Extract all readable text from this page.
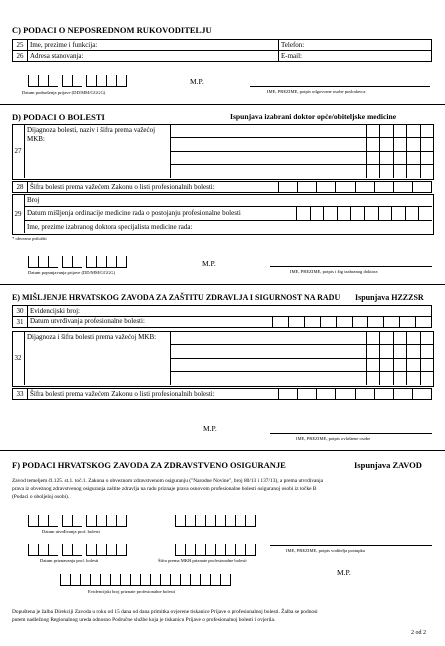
C) PODACI O NEPOSREDNOM RUKOVODITELJU
25	Ime, prezime i funkcija:	Telefon:
26	Adresa stanovanja:	E-mail:
Datum podnošenja prijave (DD/MM/GGGG)
M.P.
IME, PREZIME, potpis odgovorne osobe poslodavca
D) PODACI O BOLESTI	Ispunjava izabrani doktor opće/obiteljske medicine
27
Dijagnoza bolesti, naziv i šifra prema važećoj MKB:
28	Šifra bolesti prema važećem Zakonu o listi profesionalnih bolesti:	
29
Broj
Datum mišljenja ordinacije medicine rada o postojanju profesionalne bolesti
Ime, prezime izabranog doktora specijalista medicine rada:
* obvezno priložiti
Datum popunjavanja prijave (DD/MM/GGGG)
M.P.
IME, PREZIME, potpis i žig izabranog doktora
E) MIŠLJENJE HRVATSKOG ZAVODA ZA ZAŠTITU ZDRAVLJA I SIGURNOST NA RADU Ispunjava HZZZSR
30	Evidencijski broj:
31	Datum utvrđivanja profesionalne bolesti:
32
Dijagnoza i šifra bolesti prema važećoj MKB:
33	Šifra bolesti prema važećem Zakonu o listi profesionalnih bolesti:	
M.P.
IME, PREZIME, potpis ovlaštene osobe
F) PODACI HRVATSKOG ZAVODA ZA ZDRAVSTVENO OSIGURANJE	Ispunjava ZAVOD
Zavod temeljem čl.125. st.1. toč.1. Zakona o obveznom zdravstvenom osiguranju ("Narodne Novine", broj 80/13 i 137/13), a prema utvrdivanja
prava iz obveznog zdravstvenog osiguranja zaštite zdravlja na radu priznaje prava osnovom profesionalne bolesti osiguranoj osobi iz točke B
(Podaci o oboljeloj osobi).
Datum utvrđivanja prof. bolesti
Datum priznavanja prof. bolesti	Šifra prema MKB priznate profesionalne bolesti
IME, PREZIME, potpis voditelja postupka
M.P.
Evidencijski broj priznate profesionalne bolesti
Dopuštena je žalba Direkciji Zavoda u roku od 15 dana od dana primitka ovjerene tiskanice Prijave o profesionalnoj bolesti. Žalba se podnosi
putem nadležnog Regionalnog ureda odnosno Područne službe koja je tiskanicu Prijave o profesionalnoj bolesti i ovjerila.
2 od 2
